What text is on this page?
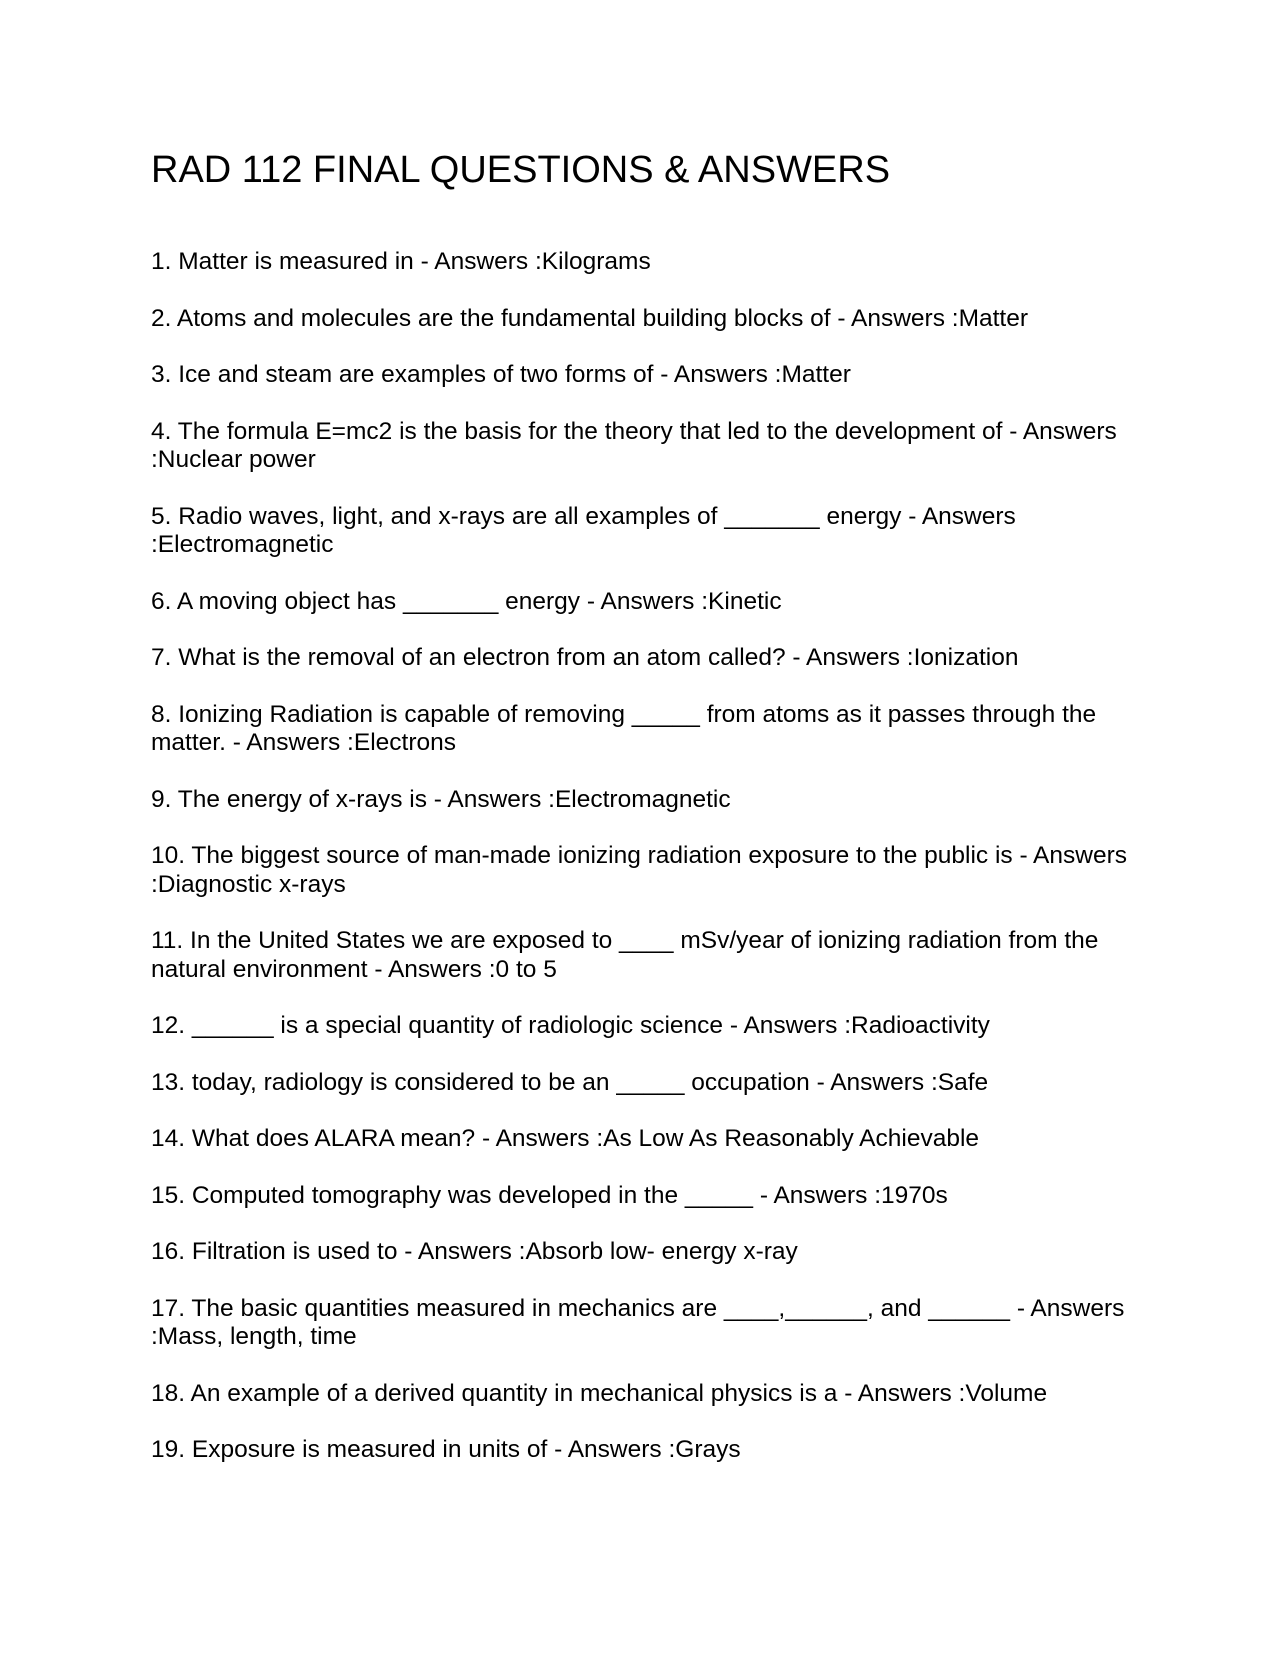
RAD 112 FINAL QUESTIONS & ANSWERS
1. Matter is measured in - Answers :Kilograms
2. Atoms and molecules are the fundamental building blocks of - Answers :Matter
3. Ice and steam are examples of two forms of - Answers :Matter
4. The formula E=mc2 is the basis for the theory that led to the development of - Answers :Nuclear power
5. Radio waves, light, and x-rays are all examples of _______ energy - Answers :Electromagnetic
6. A moving object has _______ energy - Answers :Kinetic
7. What is the removal of an electron from an atom called? - Answers :Ionization
8. Ionizing Radiation is capable of removing _____ from atoms as it passes through the matter. - Answers :Electrons
9. The energy of x-rays is - Answers :Electromagnetic
10. The biggest source of man-made ionizing radiation exposure to the public is - Answers :Diagnostic x-rays
11. In the United States we are exposed to ____ mSv/year of ionizing radiation from the natural environment - Answers :0 to 5
12. ______ is a special quantity of radiologic science - Answers :Radioactivity
13. today, radiology is considered to be an _____ occupation - Answers :Safe
14. What does ALARA mean? - Answers :As Low As Reasonably Achievable
15. Computed tomography was developed in the _____ - Answers :1970s
16. Filtration is used to - Answers :Absorb low- energy x-ray
17. The basic quantities measured in mechanics are ____,______, and ______ - Answers :Mass, length, time
18. An example of a derived quantity in mechanical physics is a - Answers :Volume
19. Exposure is measured in units of - Answers :Grays
